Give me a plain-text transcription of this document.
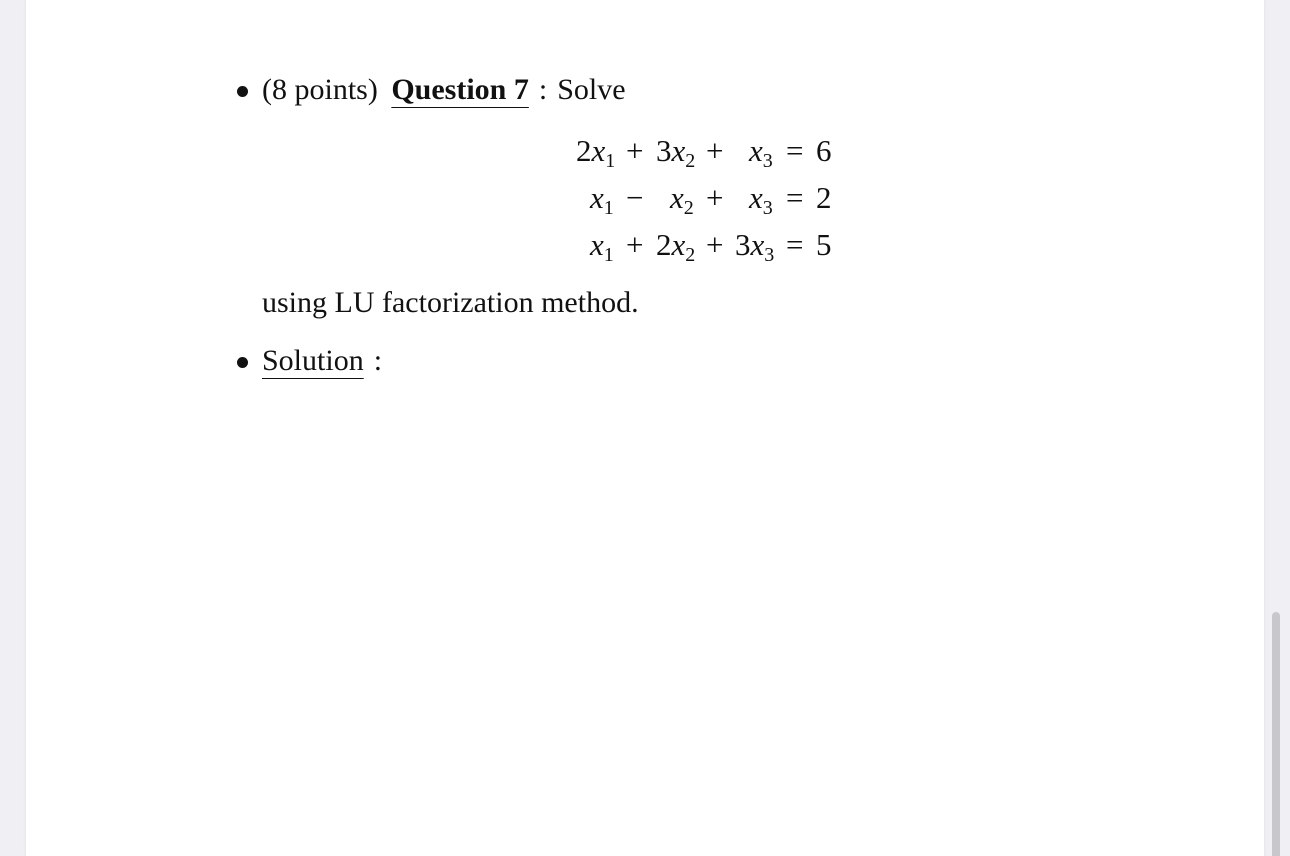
(8 points) Question 7 : Solve
$2x_1 + 3x_2 + x_3 = 6$
$x_1 - x_2 + x_3 = 2$
$x_1 + 2x_2 + 3x_3 = 5$
using LU factorization method.
Solution :
